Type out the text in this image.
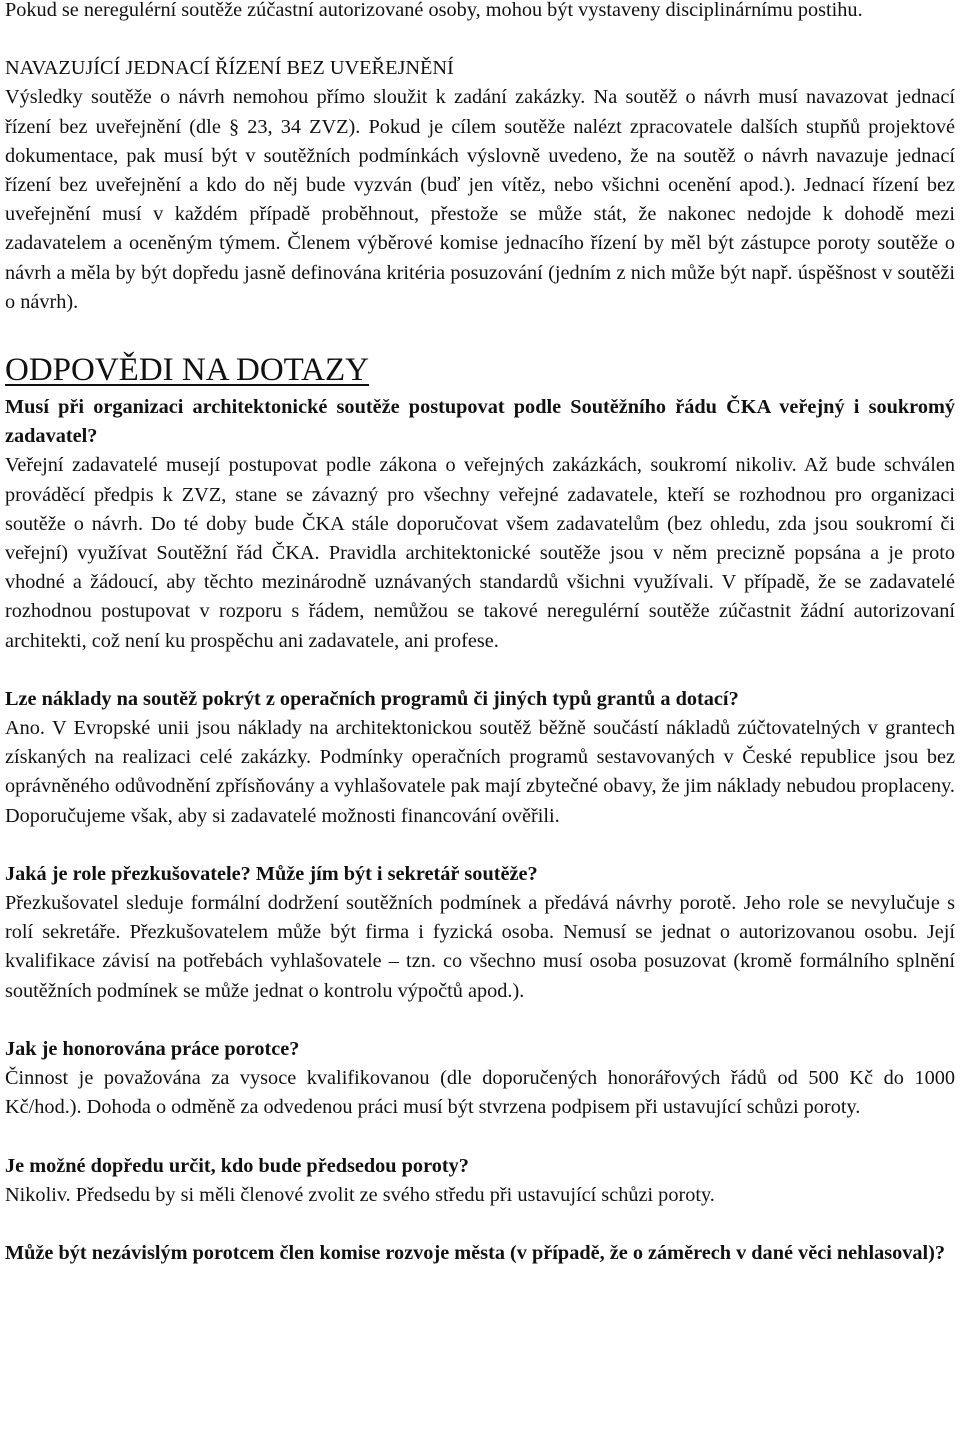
Pokud se neregulérní soutěže zúčastní autorizované osoby, mohou být vystaveny disciplinárnímu postihu.

NAVAZUJÍCÍ JEDNACÍ ŘÍZENÍ BEZ UVEŘEJNĚNÍ

Výsledky soutěže o návrh nemohou přímo sloužit k zadání zakázky. Na soutěž o návrh musí navazovat jednací řízení bez uveřejnění (dle § 23, 34 ZVZ). Pokud je cílem soutěže nalézt zpracovatele dalších stupňů projektové dokumentace, pak musí být v soutěžních podmínkách výslovně uvedeno, že na soutěž o návrh navazuje jednací řízení bez uveřejnění a kdo do něj bude vyzván (buď jen vítěz, nebo všichni ocenění apod.). Jednací řízení bez uveřejnění musí v každém případě proběhnout, přestože se může stát, že nakonec nedojde k dohodě mezi zadavatelem a oceněným týmem. Členem výběrové komise jednacího řízení by měl být zástupce poroty soutěže o návrh a měla by být dopředu jasně definována kritéria posuzování (jedním z nich může být např. úspěšnost v soutěži o návrh).

ODPOVĚDI NA DOTAZY

Musí při organizaci architektonické soutěže postupovat podle Soutěžního řádu ČKA veřejný i soukromý zadavatel?

Veřejní zadavatelé musejí postupovat podle zákona o veřejných zakázkách, soukromí nikoliv. Až bude schválen prováděcí předpis k ZVZ, stane se závazný pro všechny veřejné zadavatele, kteří se rozhodnou pro organizaci soutěže o návrh. Do té doby bude ČKA stále doporučovat všem zadavatelům (bez ohledu, zda jsou soukromí či veřejní) využívat Soutěžní řád ČKA. Pravidla architektonické soutěže jsou v něm precizně popsána a je proto vhodné a žádoucí, aby těchto mezinárodně uznávaných standardů všichni využívali. V případě, že se zadavatelé rozhodnou postupovat v rozporu s řádem, nemůžou se takové neregulérní soutěže zúčastnit žádní autorizovaní architekti, což není ku prospěchu ani zadavatele, ani profese.

Lze náklady na soutěž pokrýt z operačních programů či jiných typů grantů a dotací?

Ano. V Evropské unii jsou náklady na architektonickou soutěž běžně součástí nákladů zúčtovatelných v grantech získaných na realizaci celé zakázky. Podmínky operačních programů sestavovaných v České republice jsou bez oprávněného odůvodnění zpřísňovány a vyhlašovatele pak mají zbytečné obavy, že jim náklady nebudou proplaceny. Doporučujeme však, aby si zadavatelé možnosti financování ověřili.

Jaká je role přezkušovatele? Může jím být i sekretář soutěže?

Přezkušovatel sleduje formální dodržení soutěžních podmínek a předává návrhy porotě. Jeho role se nevylučuje s rolí sekretáře. Přezkušovatelem může být firma i fyzická osoba. Nemusí se jednat o autorizovanou osobu. Její kvalifikace závisí na potřebách vyhlašovatele – tzn. co všechno musí osoba posuzovat (kromě formálního splnění soutěžních podmínek se může jednat o kontrolu výpočtů apod.).

Jak je honorována práce porotce?

Činnost je považována za vysoce kvalifikovanou (dle doporučených honorářových řádů od 500 Kč do 1000 Kč/hod.). Dohoda o odměně za odvedenou práci musí být stvrzena podpisem při ustavující schůzi poroty.

Je možné dopředu určit, kdo bude předsedou poroty?

Nikoliv. Předsedu by si měli členové zvolit ze svého středu při ustavující schůzi poroty.

Může být nezávislým porotcem člen komise rozvoje města (v případě, že o záměrech v dané věci nehlasoval)?
